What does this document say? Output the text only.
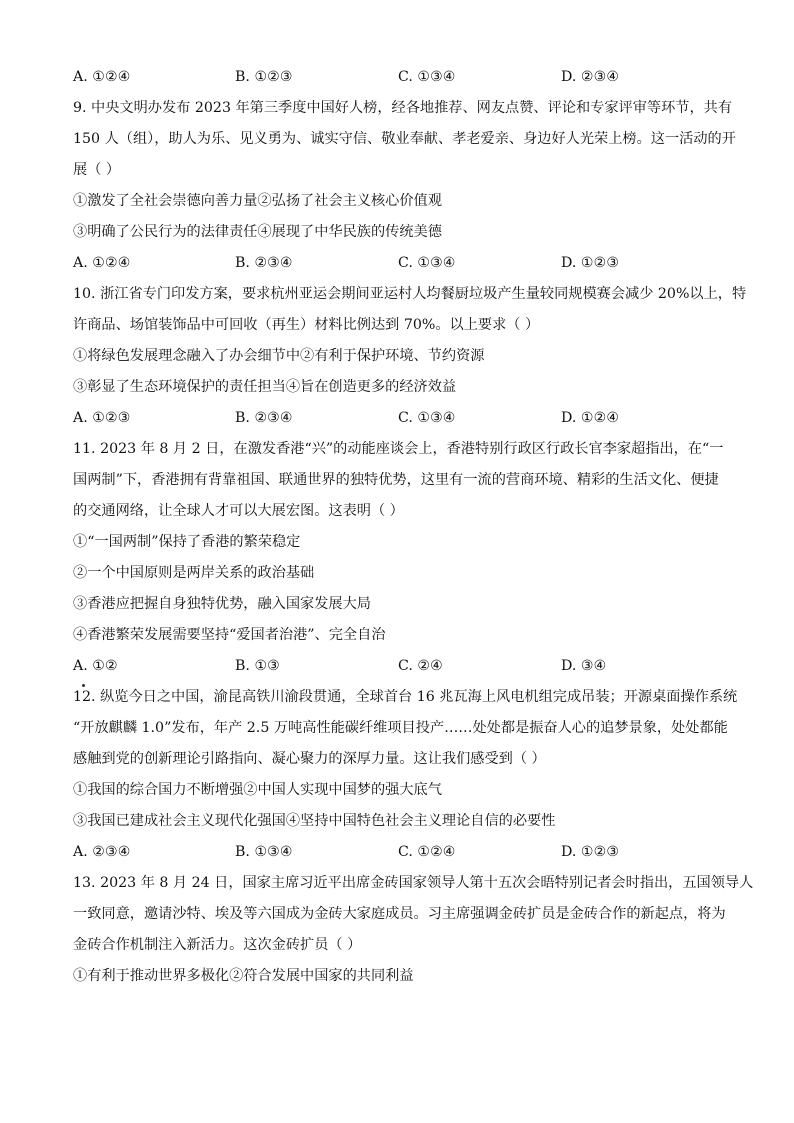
A. ①②④	B. ①②③	C. ①③④	D. ②③④
9. 中央文明办发布 2023 年第三季度中国好人榜，经各地推荐、网友点赞、评论和专家评审等环节，共有
150 人（组），助人为乐、见义勇为、诚实守信、敬业奉献、孝老爱亲、身边好人光荣上榜。这一活动的开
展（ ）
①激发了全社会崇德向善力量②弘扬了社会主义核心价值观
③明确了公民行为的法律责任④展现了中华民族的传统美德
A. ①②④	B. ②③④	C. ①③④	D. ①②③
10. 浙江省专门印发方案，要求杭州亚运会期间亚运村人均餐厨垃圾产生量较同规模赛会减少 20%以上，特
许商品、场馆装饰品中可回收（再生）材料比例达到 70%。以上要求（ ）
①将绿色发展理念融入了办会细节中②有利于保护环境、节约资源
③彰显了生态环境保护的责任担当④旨在创造更多的经济效益
A. ①②③	B. ②③④	C. ①③④	D. ①②④
11. 2023 年 8 月 2 日，在激发香港“兴”的动能座谈会上，香港特别行政区行政长官李家超指出，在“一
国两制”下，香港拥有背靠祖国、联通世界的独特优势，这里有一流的营商环境、精彩的生活文化、便捷
的交通网络，让全球人才可以大展宏图。这表明（ ）
①“一国两制”保持了香港的繁荣稳定
②一个中国原则是两岸关系的政治基础
③香港应把握自身独特优势，融入国家发展大局
④香港繁荣发展需要坚持“爱国者治港”、完全自治
A. ①②	B. ①③	C. ②④	D. ③④
12. 纵览今日之中国，渝昆高铁川渝段贯通，全球首台 16 兆瓦海上风电机组完成吊装；开源桌面操作系统
“开放麒麟 1.0”发布，年产 2.5 万吨高性能碳纤维项目投产……处处都是振奋人心的追梦景象，处处都能
感触到党的创新理论引路指向、凝心聚力的深厚力量。这让我们感受到（ ）
①我国的综合国力不断增强②中国人实现中国梦的强大底气
③我国已建成社会主义现代化强国④坚持中国特色社会主义理论自信的必要性
A. ②③④	B. ①③④	C. ①②④	D. ①②③
13. 2023 年 8 月 24 日，国家主席习近平出席金砖国家领导人第十五次会晤特别记者会时指出，五国领导人
一致同意，邀请沙特、埃及等六国成为金砖大家庭成员。习主席强调金砖扩员是金砖合作的新起点，将为
金砖合作机制注入新活力。这次金砖扩员（ ）
①有利于推动世界多极化②符合发展中国家的共同利益
